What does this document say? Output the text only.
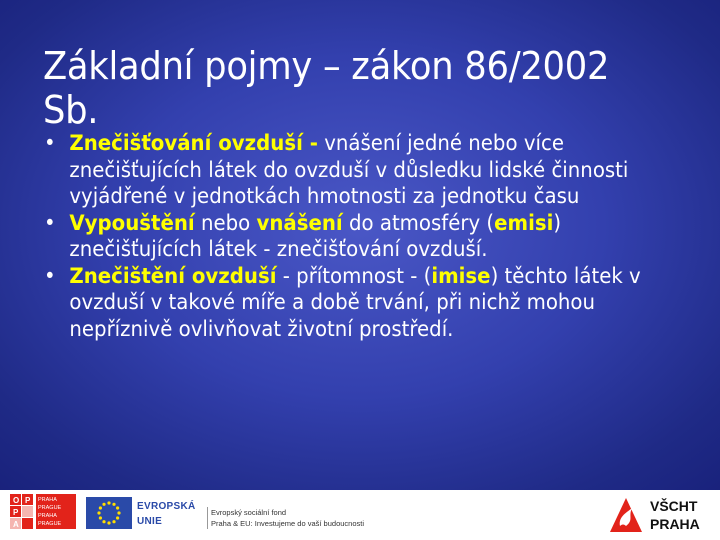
Základní pojmy – zákon 86/2002 Sb.
• Znečišťování ovzduší - vnášení jedné nebo více znečišťujících látek do ovzduší v důsledku lidské činnosti vyjádřené v jednotkách hmotnosti za jednotku času
• Vypouštění nebo vnášení do atmosféry (emisi) znečišťujících látek - znečišťování ovzduší.
• Znečištění ovzduší - přítomnost - (imise) těchto látek v ovzduší v takové míře a době trvání, při nichž mohou nepříznivě ovlivňovat životní prostředí.
O P
P
A
PRAHA
PRAGUE
PRAHA
PRAGUE
EVROPSKÁ
UNIE
Evropský sociální fond
Praha & EU: Investujeme do vaší budoucnosti
VŠCHT
PRAHA
